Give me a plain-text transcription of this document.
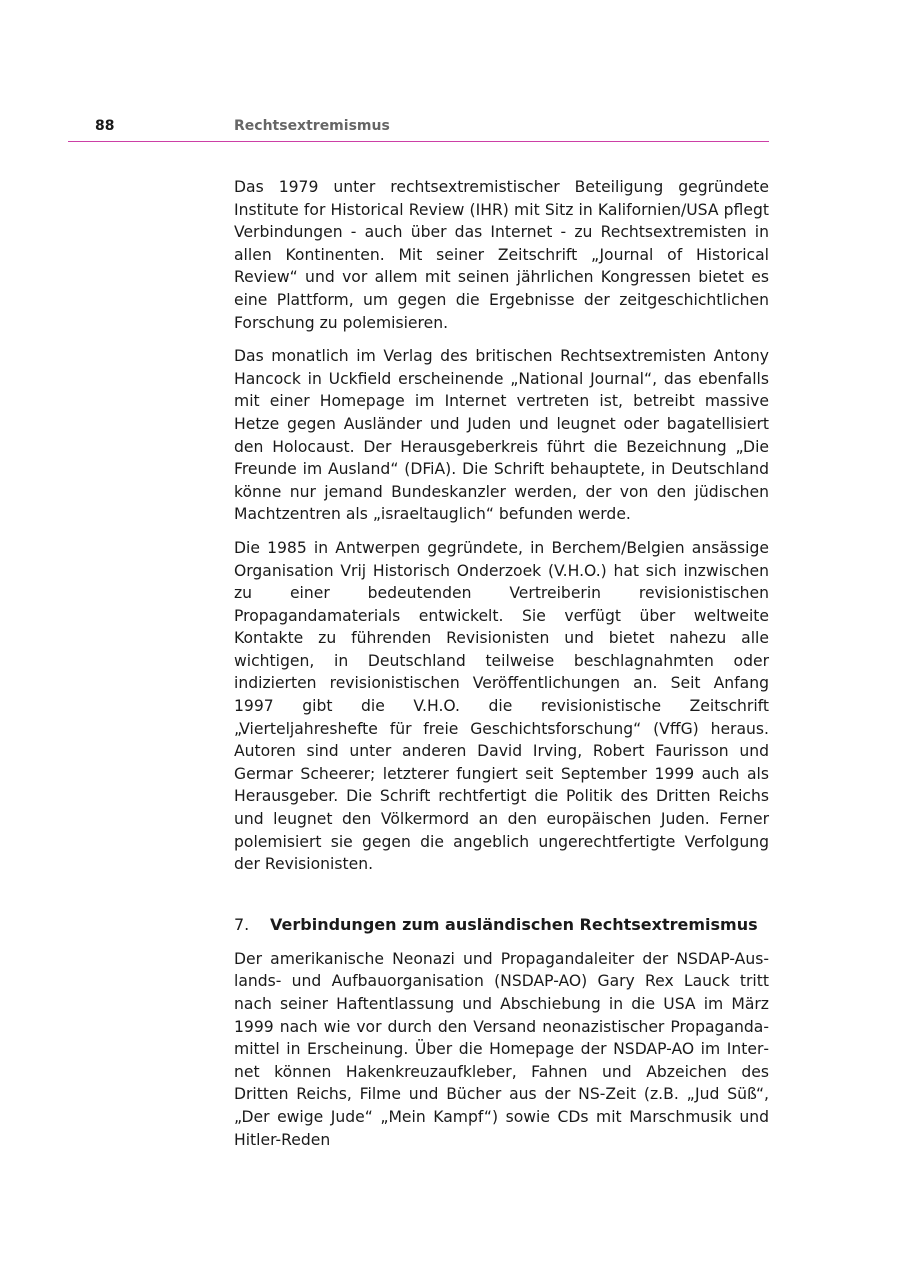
88	Rechtsextremismus

Das 1979 unter rechtsextremistischer Beteiligung gegründete Institute for Historical Review (IHR) mit Sitz in Kalifornien/USA pflegt Verbindungen - auch über das Internet - zu Rechtsextremisten in allen Kontinenten. Mit seiner Zeitschrift „Journal of Historical Review“ und vor allem mit seinen jährlichen Kongressen bietet es eine Plattform, um gegen die Ergebnisse der zeitgeschichtlichen Forschung zu polemisieren.

Das monatlich im Verlag des britischen Rechtsextremisten Antony Hancock in Uckfield erscheinende „National Journal“, das ebenfalls mit einer Homepage im Internet vertreten ist, betreibt massive Hetze gegen Ausländer und Juden und leugnet oder bagatellisiert den Holocaust. Der Herausgeberkreis führt die Bezeichnung „Die Freunde im Ausland“ (DFiA). Die Schrift behauptete, in Deutschland könne nur jemand Bundeskanzler werden, der von den jüdischen Machtzentren als „israeltauglich“ befunden werde.

Die 1985 in Antwerpen gegründete, in Berchem/Belgien ansässige Organisation Vrij Historisch Onderzoek (V.H.O.) hat sich inzwischen zu einer bedeutenden Vertreiberin revisionistischen Propagandamaterials entwickelt. Sie verfügt über weltweite Kontakte zu führenden Revisionisten und bietet nahezu alle wichtigen, in Deutschland teilweise beschlagnahmten oder indizierten revisionistischen Veröffentlichungen an. Seit Anfang 1997 gibt die V.H.O. die revisionistische Zeitschrift „Vierteljahreshefte für freie Geschichtsforschung“ (VffG) heraus. Autoren sind unter anderen David Irving, Robert Faurisson und Germar Scheerer; letzterer fungiert seit September 1999 auch als Herausgeber. Die Schrift rechtfertigt die Politik des Dritten Reichs und leugnet den Völkermord an den europäischen Juden. Ferner polemisiert sie gegen die angeblich ungerechtfertigte Verfolgung der Revisionisten.

7.	Verbindungen zum ausländischen Rechtsextremismus

Der amerikanische Neonazi und Propagandaleiter der NSDAP-Auslands- und Aufbauorganisation (NSDAP-AO) Gary Rex Lauck tritt nach seiner Haftentlassung und Abschiebung in die USA im März 1999 nach wie vor durch den Versand neonazistischer Propagandamittel in Erscheinung. Über die Homepage der NSDAP-AO im Internet können Hakenkreuzaufkleber, Fahnen und Abzeichen des Dritten Reichs, Filme und Bücher aus der NS-Zeit (z.B. „Jud Süß“, „Der ewige Jude“ „Mein Kampf“) sowie CDs mit Marschmusik und Hitler-Reden
